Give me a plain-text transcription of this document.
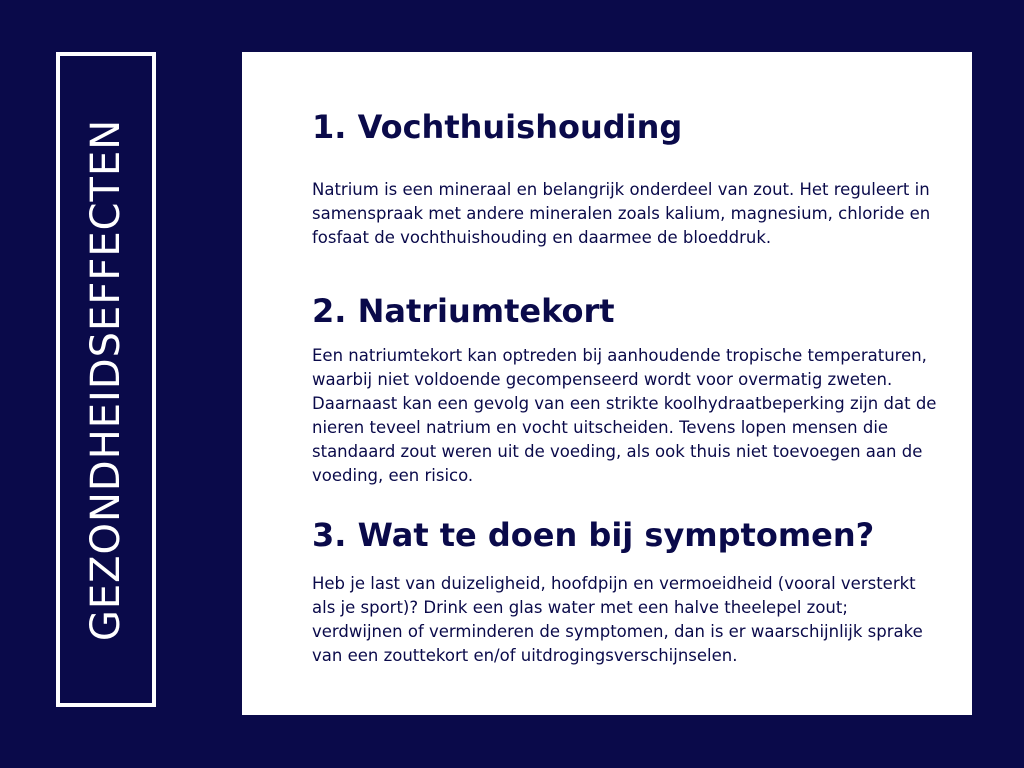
GEZONDHEIDSEFFECTEN	1. Vochthuishouding

Natrium is een mineraal en belangrijk onderdeel van zout. Het reguleert in samenspraak met andere mineralen zoals kalium, magnesium, chloride en fosfaat de vochthuishouding en daarmee de bloeddruk.

2. Natriumtekort

Een natriumtekort kan optreden bij aanhoudende tropische temperaturen, waarbij niet voldoende gecompenseerd wordt voor overmatig zweten. Daarnaast kan een gevolg van een strikte koolhydraatbeperking zijn dat de nieren teveel natrium en vocht uitscheiden. Tevens lopen mensen die standaard zout weren uit de voeding, als ook thuis niet toevoegen aan de voeding, een risico.

3. Wat te doen bij symptomen?

Heb je last van duizeligheid, hoofdpijn en vermoeidheid (vooral versterkt als je sport)? Drink een glas water met een halve theelepel zout; verdwijnen of verminderen de symptomen, dan is er waarschijnlijk sprake van een zouttekort en/of uitdrogingsverschijnselen.
